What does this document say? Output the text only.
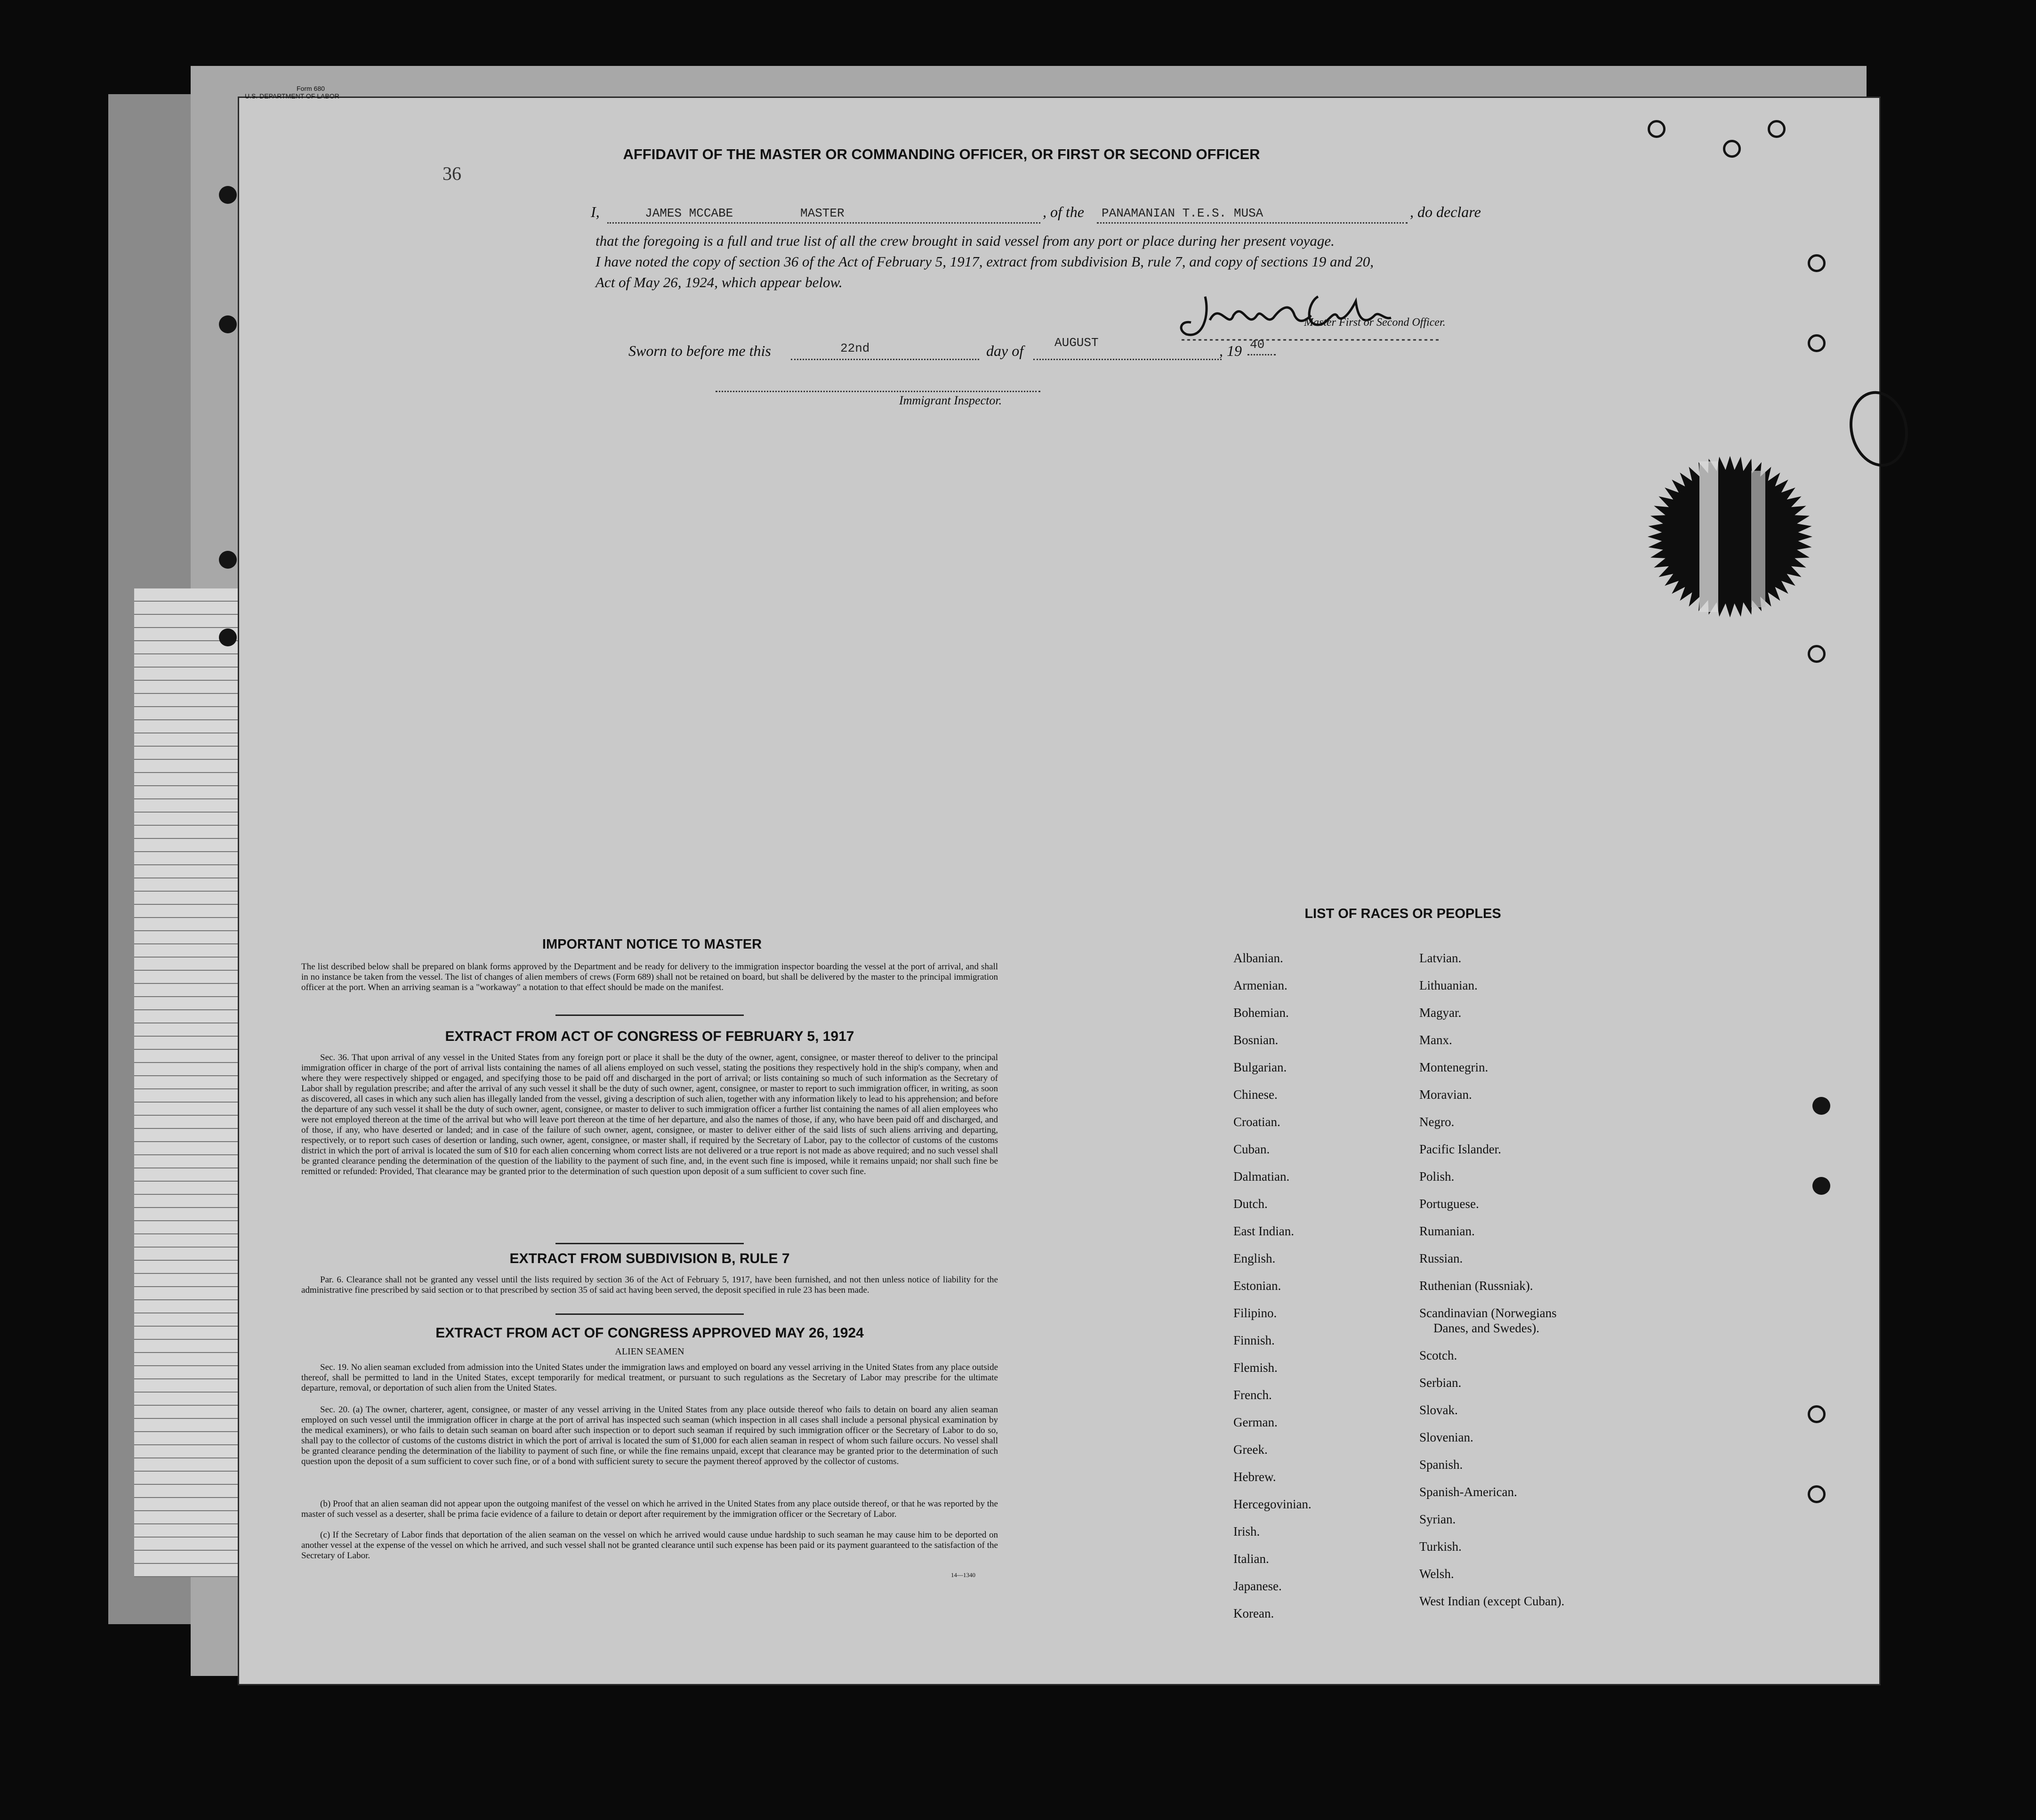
Form 680
U.S. DEPARTMENT OF LABOR
36
AFFIDAVIT OF THE MASTER OR COMMANDING OFFICER, OR FIRST OR SECOND OFFICER
I,	JAMES MCCABE	MASTER	, of the PANAMANIAN T.E.S. MUSA	, do declare
that the foregoing is a full and true list of all the crew brought in said vessel from any port or place during her present voyage.
I have noted the copy of section 36 of the Act of February 5, 1917, extract from subdivision B, rule 7, and copy of sections 19 and 20,
Act of May 26, 1924, which appear below.
Master First or Second Officer.
Sworn to before me this	22nd	day of	AUGUST	, 19 40
Immigrant Inspector.
IMPORTANT NOTICE TO MASTER
The list described below shall be prepared on blank forms approved by the Department and be ready for delivery to the immigration inspector boarding the vessel at the port of arrival, and shall in no instance be taken from the vessel. The list of changes of alien members of crews (Form 689) shall not be retained on board, but shall be delivered by the master to the principal immigration officer at the port. When an arriving seaman is a "workaway" a notation to that effect should be made on the manifest.
EXTRACT FROM ACT OF CONGRESS OF FEBRUARY 5, 1917
Sec. 36. That upon arrival of any vessel in the United States from any foreign port or place it shall be the duty of the owner, agent, consignee, or master thereof to deliver to the principal immigration officer in charge of the port of arrival lists containing the names of all aliens employed on such vessel, stating the positions they respectively hold in the ship's company, when and where they were respectively shipped or engaged, and specifying those to be paid off and discharged in the port of arrival; or lists containing so much of such information as the Secretary of Labor shall by regulation prescribe; and after the arrival of any such vessel it shall be the duty of such owner, agent, consignee, or master to report to such immigration officer, in writing, as soon as discovered, all cases in which any such alien has illegally landed from the vessel, giving a description of such alien, together with any information likely to lead to his apprehension; and before the departure of any such vessel it shall be the duty of such owner, agent, consignee, or master to deliver to such immigration officer a further list containing the names of all alien employees who were not employed thereon at the time of the arrival but who will leave port thereon at the time of her departure, and also the names of those, if any, who have been paid off and discharged, and of those, if any, who have deserted or landed; and in case of the failure of such owner, agent, consignee, or master to deliver either of the said lists of such aliens arriving and departing, respectively, or to report such cases of desertion or landing, such owner, agent, consignee, or master shall, if required by the Secretary of Labor, pay to the collector of customs of the customs district in which the port of arrival is located the sum of $10 for each alien concerning whom correct lists are not delivered or a true report is not made as above required; and no such vessel shall be granted clearance pending the determination of the question of the liability to the payment of such fine, and, in the event such fine is imposed, while it remains unpaid; nor shall such fine be remitted or refunded: Provided, That clearance may be granted prior to the determination of such question upon deposit of a sum sufficient to cover such fine.
EXTRACT FROM SUBDIVISION B, RULE 7
Par. 6. Clearance shall not be granted any vessel until the lists required by section 36 of the Act of February 5, 1917, have been furnished, and not then unless notice of liability for the administrative fine prescribed by said section or to that prescribed by section 35 of said act having been served, the deposit specified in rule 23 has been made.
EXTRACT FROM ACT OF CONGRESS APPROVED MAY 26, 1924
ALIEN SEAMEN
Sec. 19. No alien seaman excluded from admission into the United States under the immigration laws and employed on board any vessel arriving in the United States from any place outside thereof, shall be permitted to land in the United States, except temporarily for medical treatment, or pursuant to such regulations as the Secretary of Labor may prescribe for the ultimate departure, removal, or deportation of such alien from the United States.
Sec. 20. (a) The owner, charterer, agent, consignee, or master of any vessel arriving in the United States from any place outside thereof who fails to detain on board any alien seaman employed on such vessel until the immigration officer in charge at the port of arrival has inspected such seaman (which inspection in all cases shall include a personal physical examination by the medical examiners), or who fails to detain such seaman on board after such inspection or to deport such seaman if required by such immigration officer or the Secretary of Labor to do so, shall pay to the collector of customs of the customs district in which the port of arrival is located the sum of $1,000 for each alien seaman in respect of whom such failure occurs. No vessel shall be granted clearance pending the determination of the liability to payment of such fine, or while the fine remains unpaid, except that clearance may be granted prior to the determination of such question upon the deposit of a sum sufficient to cover such fine, or of a bond with sufficient surety to secure the payment thereof approved by the collector of customs.
(b) Proof that an alien seaman did not appear upon the outgoing manifest of the vessel on which he arrived in the United States from any place outside thereof, or that he was reported by the master of such vessel as a deserter, shall be prima facie evidence of a failure to detain or deport after requirement by the immigration officer or the Secretary of Labor.
(c) If the Secretary of Labor finds that deportation of the alien seaman on the vessel on which he arrived would cause undue hardship to such seaman he may cause him to be deported on another vessel at the expense of the vessel on which he arrived, and such vessel shall not be granted clearance until such expense has been paid or its payment guaranteed to the satisfaction of the Secretary of Labor.
14—1340
LIST OF RACES OR PEOPLES
Albanian.
Armenian.
Bohemian.
Bosnian.
Bulgarian.
Chinese.
Croatian.
Cuban.
Dalmatian.
Dutch.
East Indian.
English.
Estonian.
Filipino.
Finnish.
Flemish.
French.
German.
Greek.
Hebrew.
Hercegovinian.
Irish.
Italian.
Japanese.
Korean.
Latvian.
Lithuanian.
Magyar.
Manx.
Montenegrin.
Moravian.
Negro.
Pacific Islander.
Polish.
Portuguese.
Rumanian.
Russian.
Ruthenian (Russniak).
Scandinavian (Norwegians
Danes, and Swedes).
Scotch.
Serbian.
Slovak.
Slovenian.
Spanish.
Spanish-American.
Syrian.
Turkish.
Welsh.
West Indian (except Cuban).
